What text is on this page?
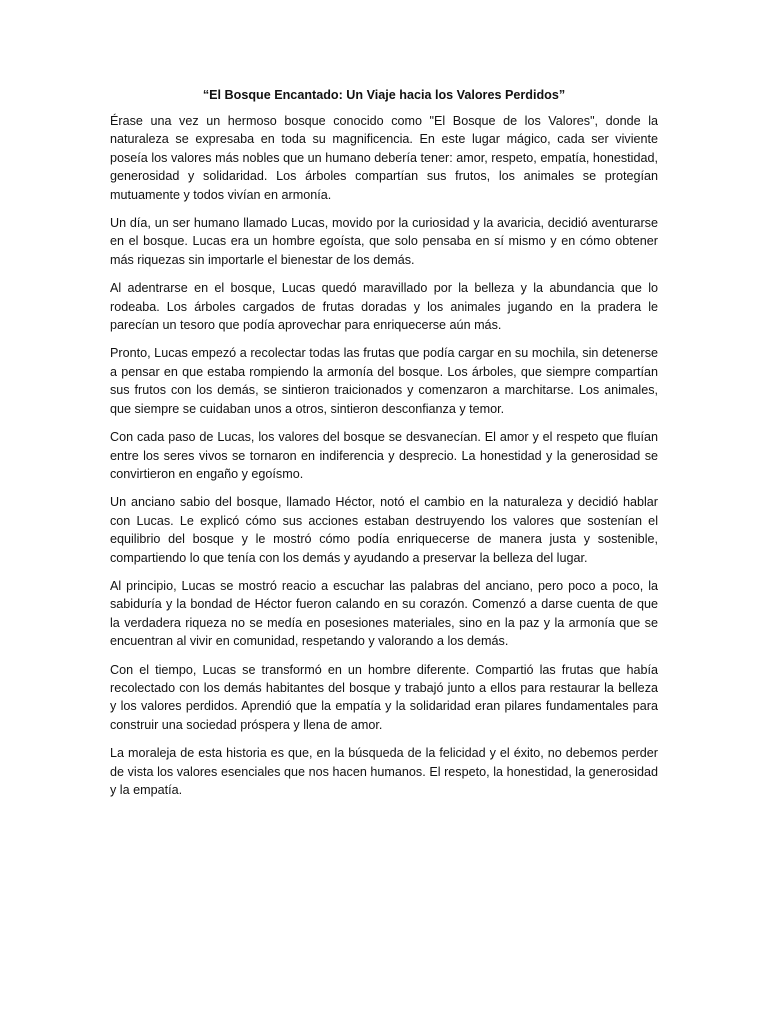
“El Bosque Encantado: Un Viaje hacia los Valores Perdidos”

Érase una vez un hermoso bosque conocido como "El Bosque de los Valores", donde la naturaleza se expresaba en toda su magnificencia. En este lugar mágico, cada ser viviente poseía los valores más nobles que un humano debería tener: amor, respeto, empatía, honestidad, generosidad y solidaridad. Los árboles compartían sus frutos, los animales se protegían mutuamente y todos vivían en armonía.

Un día, un ser humano llamado Lucas, movido por la curiosidad y la avaricia, decidió aventurarse en el bosque. Lucas era un hombre egoísta, que solo pensaba en sí mismo y en cómo obtener más riquezas sin importarle el bienestar de los demás.

Al adentrarse en el bosque, Lucas quedó maravillado por la belleza y la abundancia que lo rodeaba. Los árboles cargados de frutas doradas y los animales jugando en la pradera le parecían un tesoro que podía aprovechar para enriquecerse aún más.

Pronto, Lucas empezó a recolectar todas las frutas que podía cargar en su mochila, sin detenerse a pensar en que estaba rompiendo la armonía del bosque. Los árboles, que siempre compartían sus frutos con los demás, se sintieron traicionados y comenzaron a marchitarse. Los animales, que siempre se cuidaban unos a otros, sintieron desconfianza y temor.

Con cada paso de Lucas, los valores del bosque se desvanecían. El amor y el respeto que fluían entre los seres vivos se tornaron en indiferencia y desprecio. La honestidad y la generosidad se convirtieron en engaño y egoísmo.

Un anciano sabio del bosque, llamado Héctor, notó el cambio en la naturaleza y decidió hablar con Lucas. Le explicó cómo sus acciones estaban destruyendo los valores que sostenían el equilibrio del bosque y le mostró cómo podía enriquecerse de manera justa y sostenible, compartiendo lo que tenía con los demás y ayudando a preservar la belleza del lugar.

Al principio, Lucas se mostró reacio a escuchar las palabras del anciano, pero poco a poco, la sabiduría y la bondad de Héctor fueron calando en su corazón. Comenzó a darse cuenta de que la verdadera riqueza no se medía en posesiones materiales, sino en la paz y la armonía que se encuentran al vivir en comunidad, respetando y valorando a los demás.

Con el tiempo, Lucas se transformó en un hombre diferente. Compartió las frutas que había recolectado con los demás habitantes del bosque y trabajó junto a ellos para restaurar la belleza y los valores perdidos. Aprendió que la empatía y la solidaridad eran pilares fundamentales para construir una sociedad próspera y llena de amor.

La moraleja de esta historia es que, en la búsqueda de la felicidad y el éxito, no debemos perder de vista los valores esenciales que nos hacen humanos. El respeto, la honestidad, la generosidad y la empatía.
